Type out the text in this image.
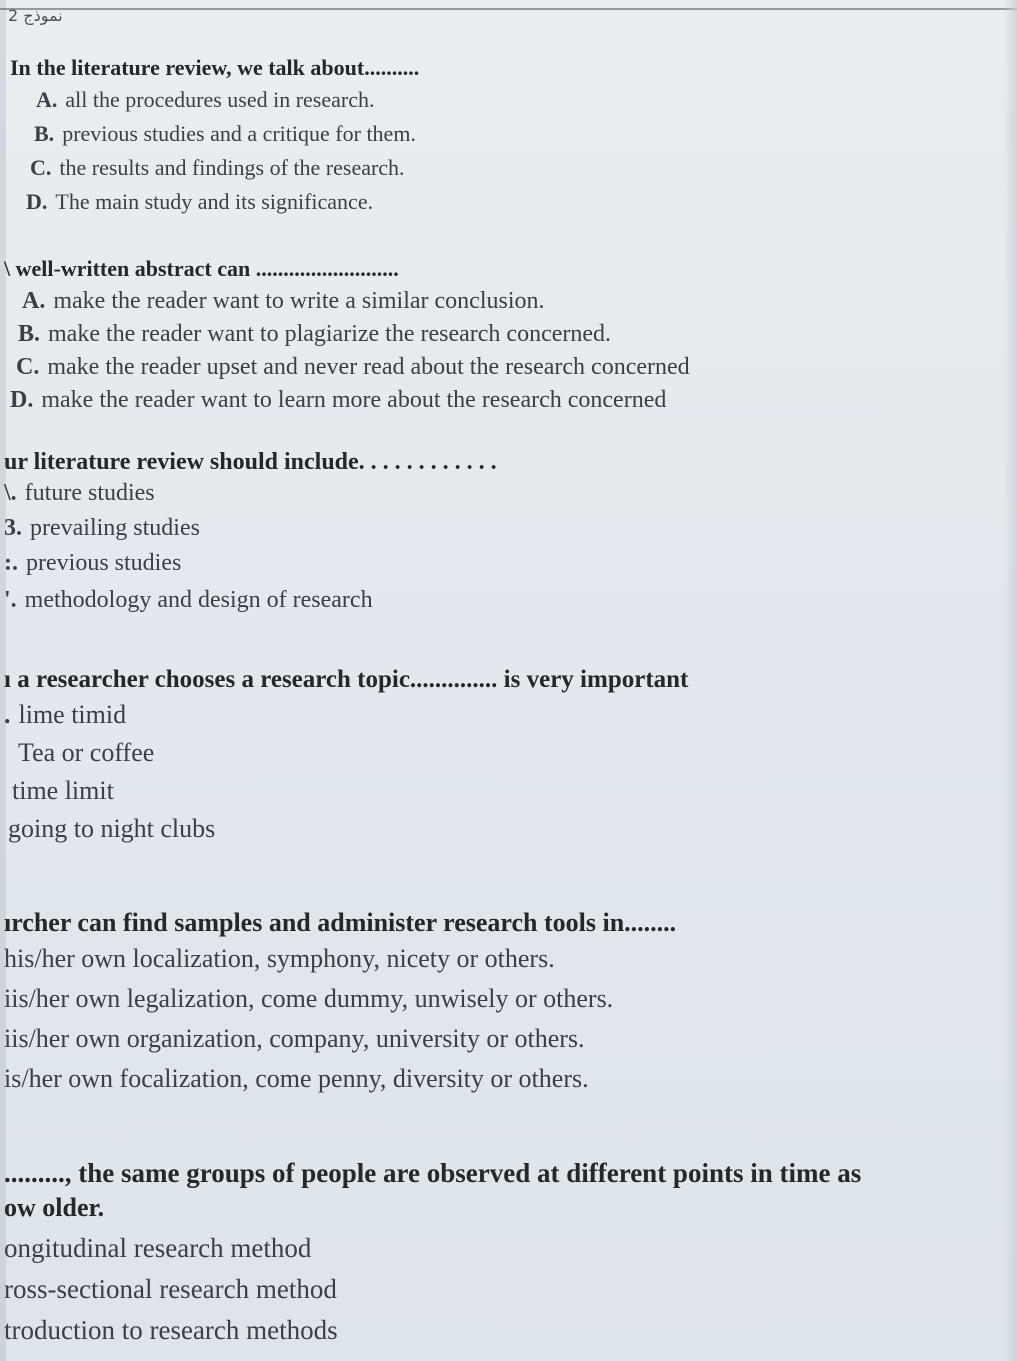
نموذج 2
In the literature review, we talk about..........
A. all the procedures used in research.
B. previous studies and a critique for them.
C. the results and findings of the research.
D. The main study and its significance.
\ well-written abstract can ..........................
A. make the reader want to write a similar conclusion.
B. make the reader want to plagiarize the research concerned.
C. make the reader upset and never read about the research concerned
D. make the reader want to learn more about the research concerned
ur literature review should include. . . . . . . . . . . .
\. future studies
3. prevailing studies
:. previous studies
'. methodology and design of research
ı a researcher chooses a research topic.............. is very important
. lime timid
Tea or coffee
time limit
going to night clubs
ırcher can find samples and administer research tools in........
his/her own localization, symphony, nicety or others.
iis/her own legalization, come dummy, unwisely or others.
iis/her own organization, company, university or others.
is/her own focalization, come penny, diversity or others.
........., the same groups of people are observed at different points in time as
ow older.
ongitudinal research method
ross-sectional research method
troduction to research methods
